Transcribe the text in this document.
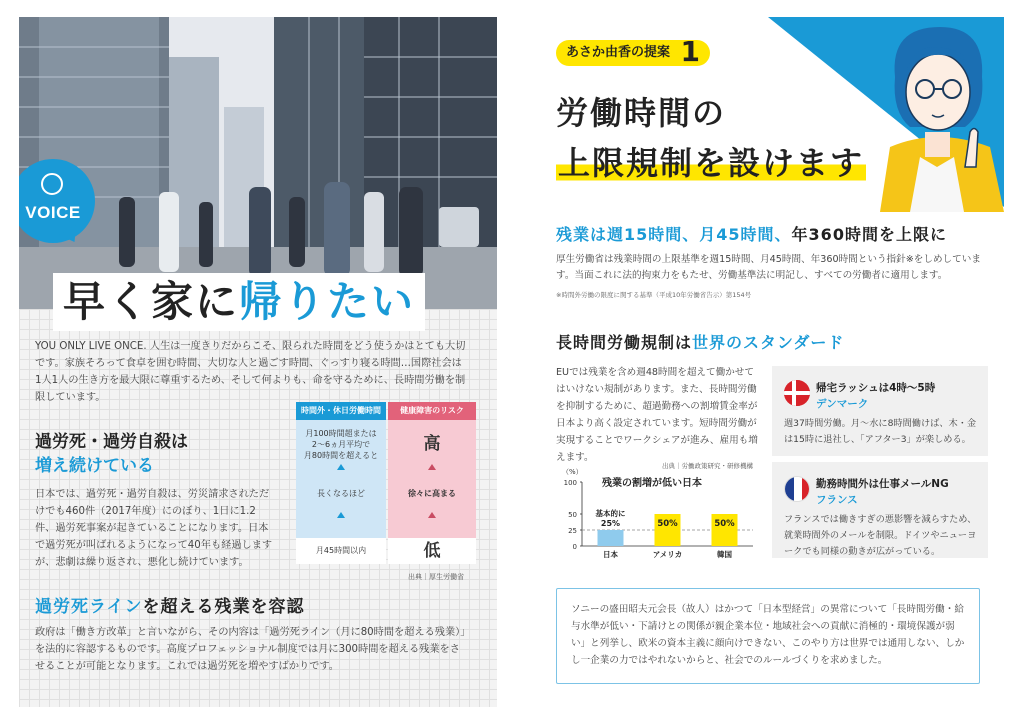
VOICE
早く家に帰りたい
YOU ONLY LIVE ONCE. 人生は一度きりだからこそ、限られた時間をどう使うかはとても大切です。家族そろって食卓を囲む時間、大切な人と過ごす時間、ぐっすり寝る時間…国際社会は1人1人の生き方を最大限に尊重するため、そして何よりも、命を守るために、長時間労働を制限しています。
過労死・過労自殺は
増え続けている
日本では、過労死・過労自殺は、労災請求されただけでも460件（2017年度）にのぼり、1日に1.2件、過労死事案が起きていることになります。日本で過労死が叫ばれるようになって40年も経過しますが、悲劇は繰り返され、悪化し続けています。
時間外・休日労働時間
月100時間超または
2〜6ヵ月平均で
月80時間を超えると
長くなるほど
月45時間以内
健康障害のリスク
高
徐々に高まる
低
出典｜厚生労働省
過労死ラインを超える残業を容認
政府は「働き方改革」と言いながら、その内容は「過労死ライン（月に80時間を超える残業）」を法的に容認するものです。高度プロフェッショナル制度では月に300時間を超える残業をさせることが可能となります。これでは過労死を増やすばかりです。
あさか由香の提案 1
労働時間の
上限規制を設けます
残業は週15時間、月45時間、年360時間を上限に
厚生労働省は残業時間の上限基準を週15時間、月45時間、年360時間という指針※をしめしています。当面これに法的拘束力をもたせ、労働基準法に明記し、すべての労働者に適用します。
※時間外労働の限度に関する基準（平成10年労働省告示）第154号
長時間労働規制は世界のスタンダード
EUでは残業を含め週48時間を超えて働かせてはいけない規制があります。また、長時間労働を抑制するために、超過勤務への割増賃金率が日本より高く設定されています。短時間労働が実現することでワークシェアが進み、雇用も増えます。
出典｜労働政策研究・研修機構
（%）
残業の割増が低い日本
100
50
25
0
日本
基本的に
25%
アメリカ
50%
韓国
50%
帰宅ラッシュは4時〜5時
デンマーク
週37時間労働。月〜水に8時間働けば、木・金は15時に退社し、「アフター3」が楽しめる。
勤務時間外は仕事メールNG
フランス
フランスでは働きすぎの悪影響を減らすため、就業時間外のメールを制限。ドイツやニューヨークでも同様の動きが広がっている。
ソニーの盛田昭夫元会長（故人）はかつて「日本型経営」の異常について「長時間労働・給与水準が低い・下請けとの関係が親企業本位・地域社会への貢献に消極的・環境保護が弱い」と列挙し、欧米の資本主義に顔向けできない、このやり方は世界では通用しない、しかし一企業の力ではやれないからと、社会でのルールづくりを求めました。
